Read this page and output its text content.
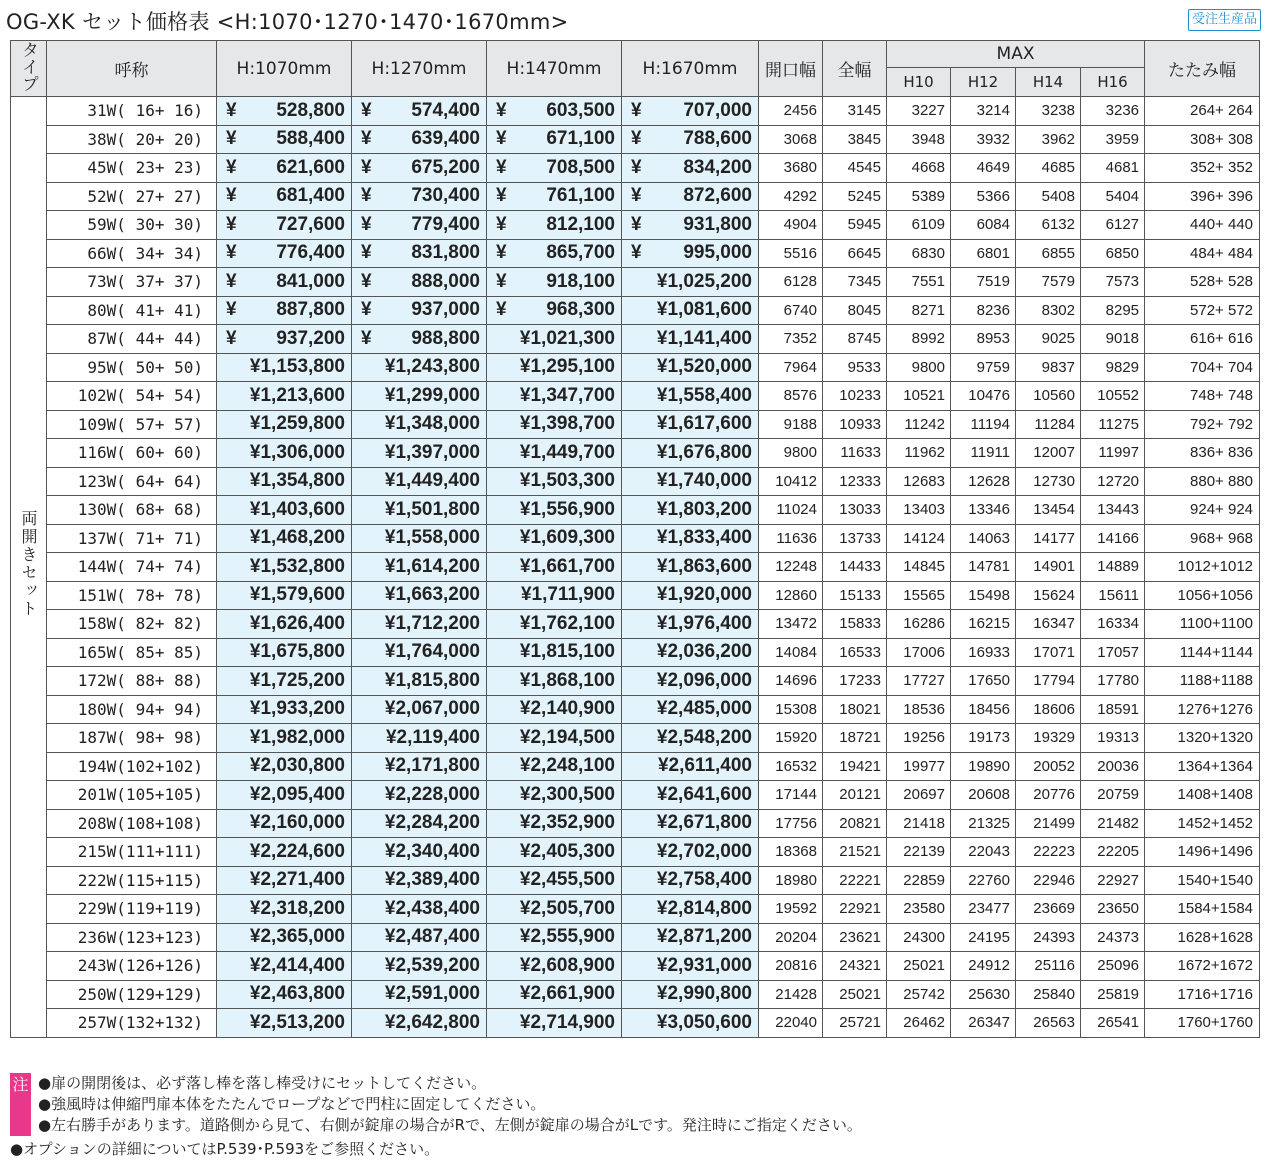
OG-XK セット価格表 <H:1070･1270･1470･1670mm>	受注生産品
タイプ	呼称	H:1070mm	H:1270mm	H:1470mm	H:1670mm	開口幅	全幅	MAX				たたみ幅

								H10	H12	H14	H16	
両開きセット	31W( 16+ 16)	¥ 528,800	¥ 574,400	¥ 603,500	¥ 707,000	2456	3145	3227	3214	3238	3236	264+ 264
	38W( 20+ 20)	¥ 588,400	¥ 639,400	¥ 671,100	¥ 788,600	3068	3845	3948	3932	3962	3959	308+ 308
	45W( 23+ 23)	¥ 621,600	¥ 675,200	¥ 708,500	¥ 834,200	3680	4545	4668	4649	4685	4681	352+ 352
	52W( 27+ 27)	¥ 681,400	¥ 730,400	¥ 761,100	¥ 872,600	4292	5245	5389	5366	5408	5404	396+ 396
	59W( 30+ 30)	¥ 727,600	¥ 779,400	¥ 812,100	¥ 931,800	4904	5945	6109	6084	6132	6127	440+ 440
	66W( 34+ 34)	¥ 776,400	¥ 831,800	¥ 865,700	¥ 995,000	5516	6645	6830	6801	6855	6850	484+ 484
	73W( 37+ 37)	¥ 841,000	¥ 888,000	¥ 918,100	¥1,025,200	6128	7345	7551	7519	7579	7573	528+ 528
	80W( 41+ 41)	¥ 887,800	¥ 937,000	¥ 968,300	¥1,081,600	6740	8045	8271	8236	8302	8295	572+ 572
	87W( 44+ 44)	¥ 937,200	¥ 988,800	¥1,021,300	¥1,141,400	7352	8745	8992	8953	9025	9018	616+ 616
	95W( 50+ 50)	¥1,153,800	¥1,243,800	¥1,295,100	¥1,520,000	7964	9533	9800	9759	9837	9829	704+ 704
	102W( 54+ 54)	¥1,213,600	¥1,299,000	¥1,347,700	¥1,558,400	8576	10233	10521	10476	10560	10552	748+ 748
	109W( 57+ 57)	¥1,259,800	¥1,348,000	¥1,398,700	¥1,617,600	9188	10933	11242	11194	11284	11275	792+ 792
	116W( 60+ 60)	¥1,306,000	¥1,397,000	¥1,449,700	¥1,676,800	9800	11633	11962	11911	12007	11997	836+ 836
	123W( 64+ 64)	¥1,354,800	¥1,449,400	¥1,503,300	¥1,740,000	10412	12333	12683	12628	12730	12720	880+ 880
	130W( 68+ 68)	¥1,403,600	¥1,501,800	¥1,556,900	¥1,803,200	11024	13033	13403	13346	13454	13443	924+ 924
	137W( 71+ 71)	¥1,468,200	¥1,558,000	¥1,609,300	¥1,833,400	11636	13733	14124	14063	14177	14166	968+ 968
	144W( 74+ 74)	¥1,532,800	¥1,614,200	¥1,661,700	¥1,863,600	12248	14433	14845	14781	14901	14889	1012+1012
	151W( 78+ 78)	¥1,579,600	¥1,663,200	¥1,711,900	¥1,920,000	12860	15133	15565	15498	15624	15611	1056+1056
	158W( 82+ 82)	¥1,626,400	¥1,712,200	¥1,762,100	¥1,976,400	13472	15833	16286	16215	16347	16334	1100+1100
	165W( 85+ 85)	¥1,675,800	¥1,764,000	¥1,815,100	¥2,036,200	14084	16533	17006	16933	17071	17057	1144+1144
	172W( 88+ 88)	¥1,725,200	¥1,815,800	¥1,868,100	¥2,096,000	14696	17233	17727	17650	17794	17780	1188+1188
	180W( 94+ 94)	¥1,933,200	¥2,067,000	¥2,140,900	¥2,485,000	15308	18021	18536	18456	18606	18591	1276+1276
	187W( 98+ 98)	¥1,982,000	¥2,119,400	¥2,194,500	¥2,548,200	15920	18721	19256	19173	19329	19313	1320+1320
	194W(102+102)	¥2,030,800	¥2,171,800	¥2,248,100	¥2,611,400	16532	19421	19977	19890	20052	20036	1364+1364
	201W(105+105)	¥2,095,400	¥2,228,000	¥2,300,500	¥2,641,600	17144	20121	20697	20608	20776	20759	1408+1408
	208W(108+108)	¥2,160,000	¥2,284,200	¥2,352,900	¥2,671,800	17756	20821	21418	21325	21499	21482	1452+1452
	215W(111+111)	¥2,224,600	¥2,340,400	¥2,405,300	¥2,702,000	18368	21521	22139	22043	22223	22205	1496+1496
	222W(115+115)	¥2,271,400	¥2,389,400	¥2,455,500	¥2,758,400	18980	22221	22859	22760	22946	22927	1540+1540
	229W(119+119)	¥2,318,200	¥2,438,400	¥2,505,700	¥2,814,800	19592	22921	23580	23477	23669	23650	1584+1584
	236W(123+123)	¥2,365,000	¥2,487,400	¥2,555,900	¥2,871,200	20204	23621	24300	24195	24393	24373	1628+1628
	243W(126+126)	¥2,414,400	¥2,539,200	¥2,608,900	¥2,931,000	20816	24321	25021	24912	25116	25096	1672+1672
	250W(129+129)	¥2,463,800	¥2,591,000	¥2,661,900	¥2,990,800	21428	25021	25742	25630	25840	25819	1716+1716
	257W(132+132)	¥2,513,200	¥2,642,800	¥2,714,900	¥3,050,600	22040	25721	26462	26347	26563	26541	1760+1760
注 ●扉の開閉後は、必ず落し棒を落し棒受けにセットしてください。
●強風時は伸縮門扉本体をたたんでロープなどで門柱に固定してください。
●左右勝手があります。道路側から見て、右側が錠扉の場合がRで、左側が錠扉の場合がLです。発注時にご指定ください。
●オプションの詳細についてはP.539･P.593をご参照ください。
